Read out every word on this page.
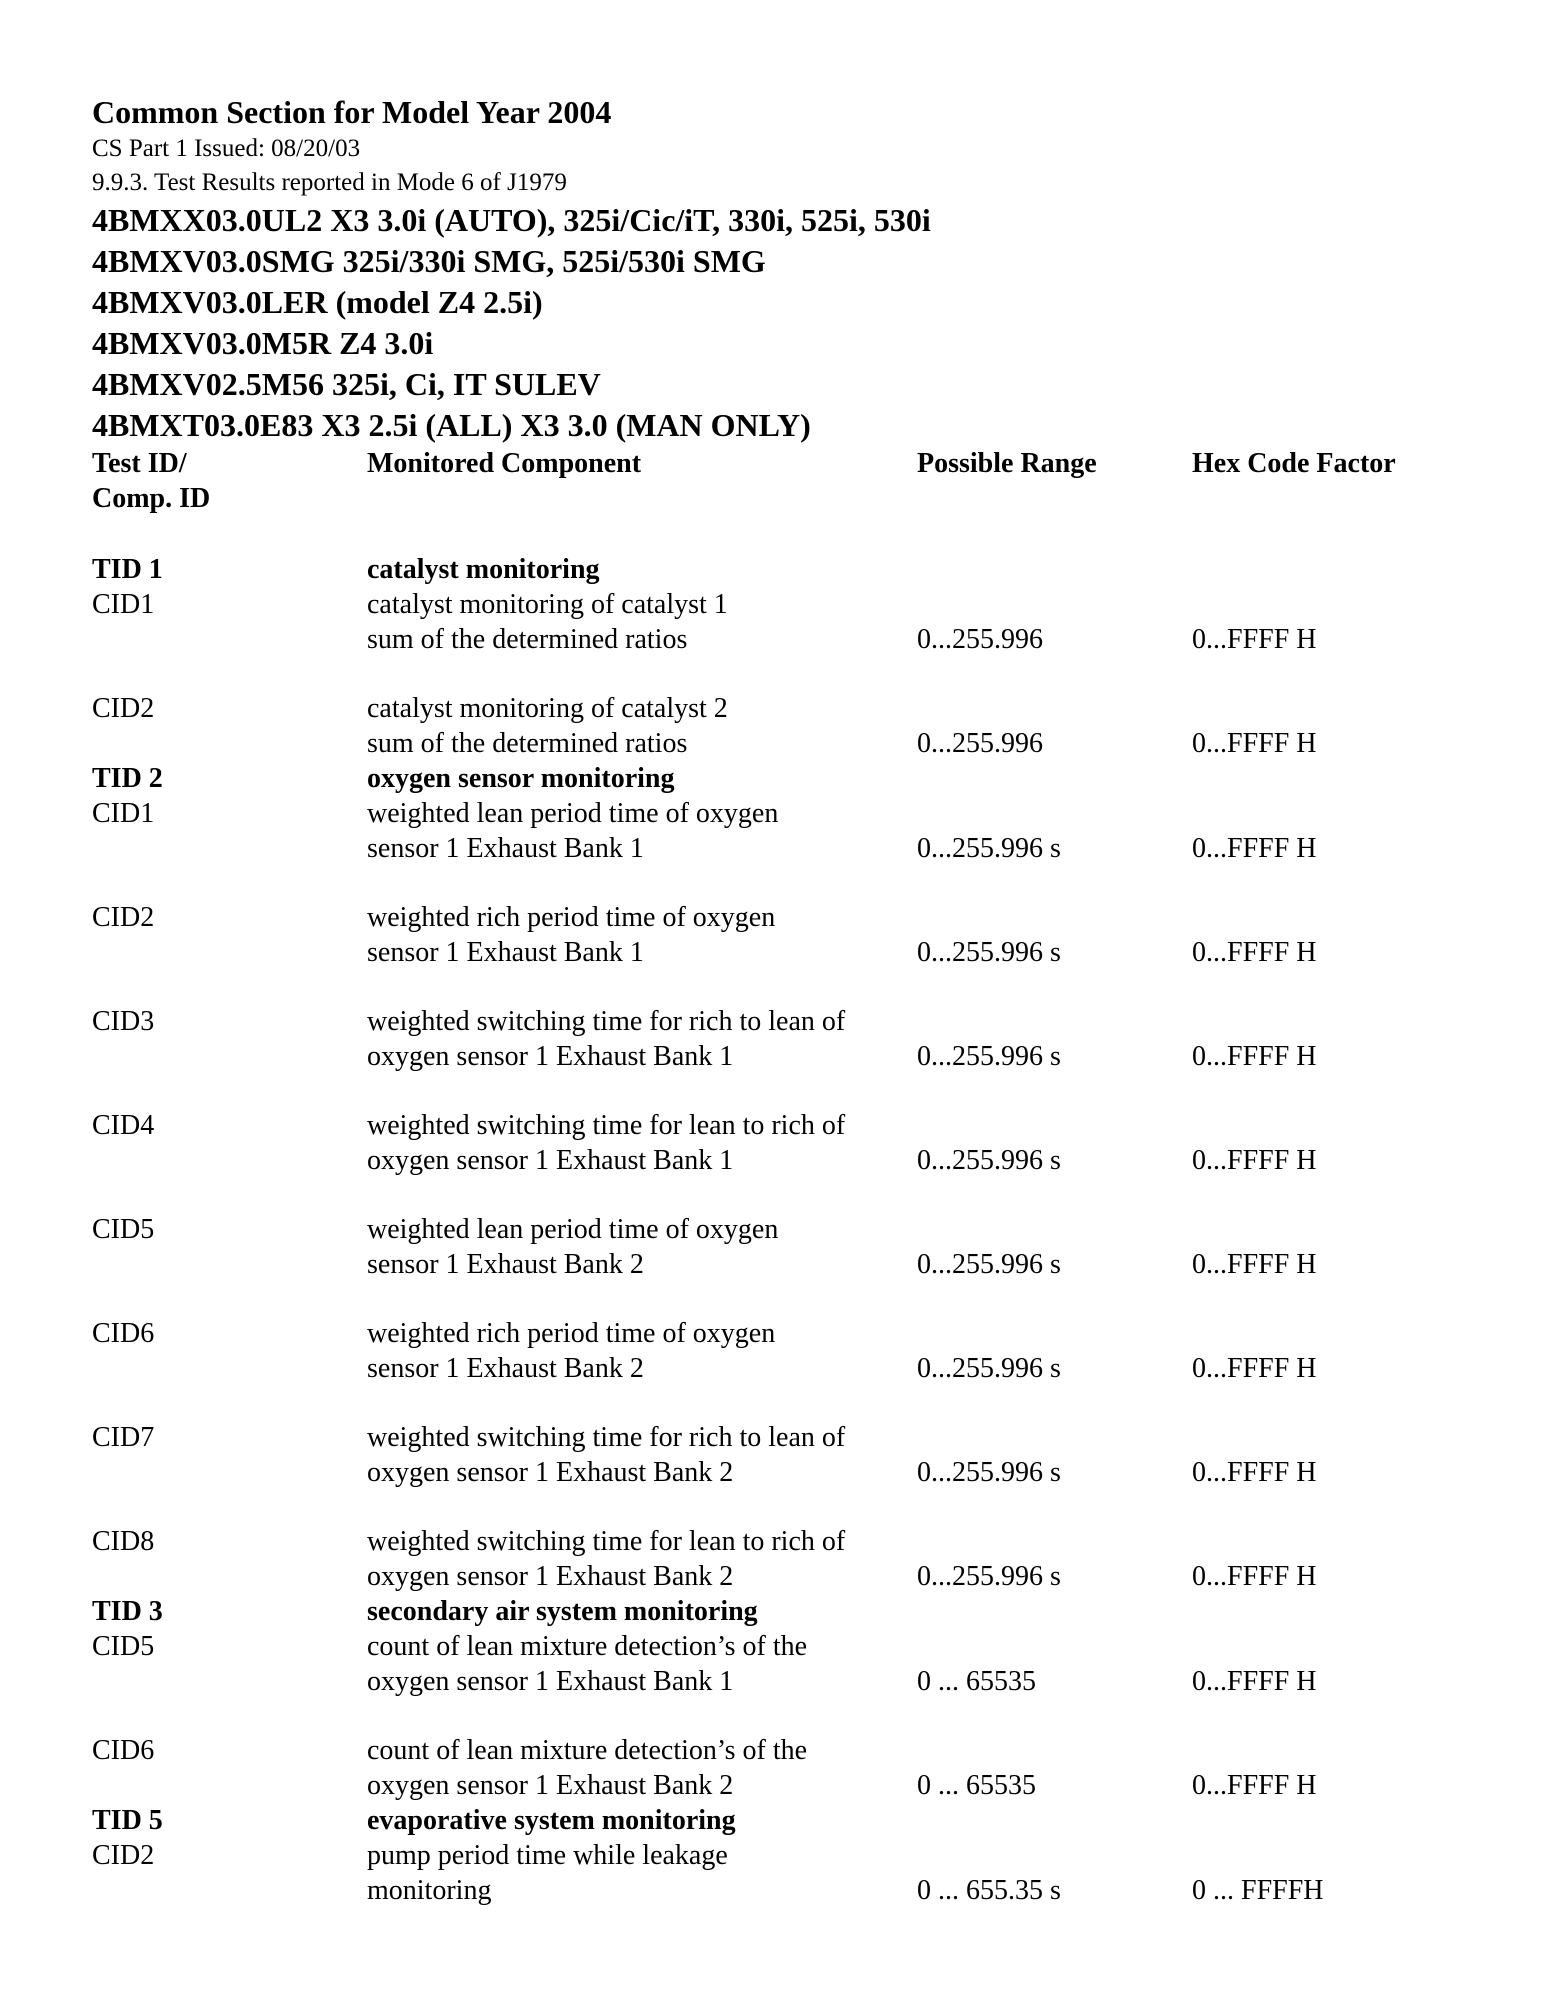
Common Section for Model Year 2004
CS Part 1 Issued: 08/20/03
9.9.3. Test Results reported in Mode 6 of J1979
4BMXX03.0UL2 X3 3.0i (AUTO), 325i/Cic/iT, 330i, 525i, 530i
4BMXV03.0SMG 325i/330i SMG, 525i/530i SMG
4BMXV03.0LER (model Z4 2.5i)
4BMXV03.0M5R Z4 3.0i
4BMXV02.5M56 325i, Ci, IT SULEV
4BMXT03.0E83 X3 2.5i (ALL) X3 3.0 (MAN ONLY)
Test ID/	Monitored Component	Possible Range	Hex Code Factor
Comp. ID			

TID 1	catalyst monitoring		
CID1	catalyst monitoring of catalyst 1		
	sum of the determined ratios	0...255.996	0...FFFF H

CID2	catalyst monitoring of catalyst 2		
	sum of the determined ratios	0...255.996	0...FFFF H
TID 2	oxygen sensor monitoring		
CID1	weighted lean period time of oxygen		
	sensor 1 Exhaust Bank 1	0...255.996 s	0...FFFF H

CID2	weighted rich period time of oxygen		
	sensor 1 Exhaust Bank 1	0...255.996 s	0...FFFF H

CID3	weighted switching time for rich to lean of		
	oxygen sensor 1 Exhaust Bank 1	0...255.996 s	0...FFFF H

CID4	weighted switching time for lean to rich of		
	oxygen sensor 1 Exhaust Bank 1	0...255.996 s	0...FFFF H

CID5	weighted lean period time of oxygen		
	sensor 1 Exhaust Bank 2	0...255.996 s	0...FFFF H

CID6	weighted rich period time of oxygen		
	sensor 1 Exhaust Bank 2	0...255.996 s	0...FFFF H

CID7	weighted switching time for rich to lean of		
	oxygen sensor 1 Exhaust Bank 2	0...255.996 s	0...FFFF H

CID8	weighted switching time for lean to rich of		
	oxygen sensor 1 Exhaust Bank 2	0...255.996 s	0...FFFF H
TID 3	secondary air system monitoring		
CID5	count of lean mixture detection’s of the		
	oxygen sensor 1 Exhaust Bank 1	0 ... 65535	0...FFFF H

CID6	count of lean mixture detection’s of the		
	oxygen sensor 1 Exhaust Bank 2	0 ... 65535	0...FFFF H
TID 5	evaporative system monitoring		
CID2	pump period time while leakage		
	monitoring	0 ... 655.35 s	0 ... FFFFH
